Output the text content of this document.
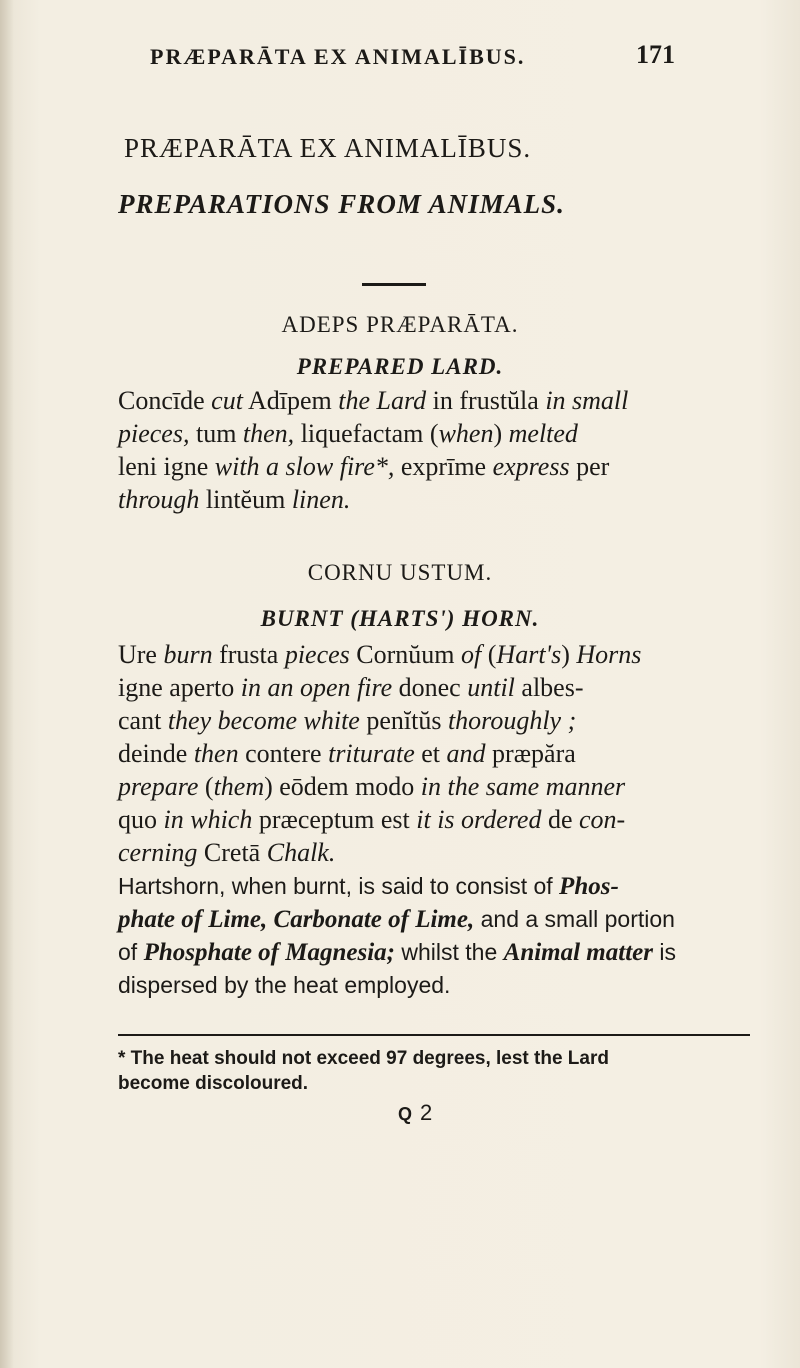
PRÆPARĀTA EX ANIMALĪBUS.	171
PRÆPARĀTA EX ANIMALĪBUS.
PREPARATIONS FROM ANIMALS.
ADEPS PRÆPARĀTA.
PREPARED LARD.
Concīde cut Adīpem the Lard in frustŭla in small
pieces, tum then, liquefactam (when) melted
leni igne with a slow fire*, exprīme express per
through lintĕum linen.
CORNU USTUM.
BURNT (HARTS') HORN.
Ure burn frusta pieces Cornŭum of (Hart's) Horns
igne aperto in an open fire donec until albes-
cant they become white penĭtŭs thoroughly ;
deinde then contere triturate et and præpăra
prepare (them) eōdem modo in the same manner
quo in which præceptum est it is ordered de con-
cerning Cretā Chalk.
Hartshorn, when burnt, is said to consist of Phos-
phate of Lime, Carbonate of Lime, and a small portion
of Phosphate of Magnesia; whilst the Animal matter is
dispersed by the heat employed.
* The heat should not exceed 97 degrees, lest the Lard
become discoloured.
Q 2
